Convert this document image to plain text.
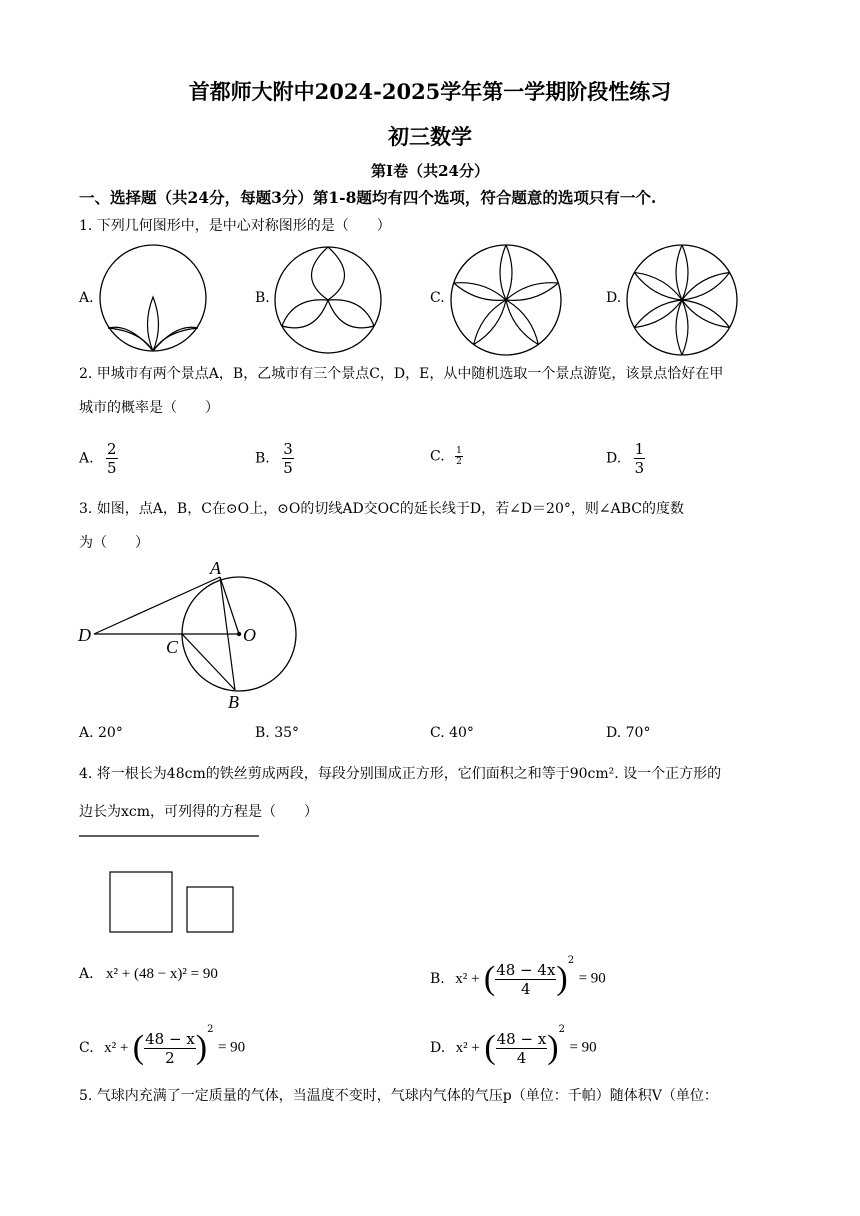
首都师大附中2024-2025学年第一学期阶段性练习
初三数学
第I卷（共24分）
一、选择题（共24分，每题3分）第1-8题均有四个选项，符合题意的选项只有一个.
1. 下列几何图形中，是中心对称图形的是（　　）
A.	B.	C.	D.
2. 甲城市有两个景点A，B，乙城市有三个景点C，D，E，从中随机选取一个景点游览，该景点恰好在甲
城市的概率是（　　）
A. $\frac{2}{5}$	B. $\frac{3}{5}$	C. $\frac{1}{2}$	D. $\frac{1}{3}$
3. 如图，点A，B，C在⊙O上，⊙O的切线AD交OC的延长线于D，若∠D＝20°，则∠ABC的度数
为（　　）
A
B
C
D	O
A. 20°	B. 35°	C. 40°	D. 70°
4. 将一根长为48cm的铁丝剪成两段，每段分别围成正方形，它们面积之和等于90cm². 设一个正方形的
边长为xcm，可列得的方程是（　　）
A. x² + (48 − x)² = 90	B. x² + ( $\frac{48 - 4x}{4} )^2 = 90$
C. x² + ( $\frac{48 - x}{2} )^2 = 90$	D. x² + ( $\frac{48 - x}{4} )^2 = 90$
5. 气球内充满了一定质量的气体，当温度不变时，气球内气体的气压p（单位：千帕）随体积V（单位：
